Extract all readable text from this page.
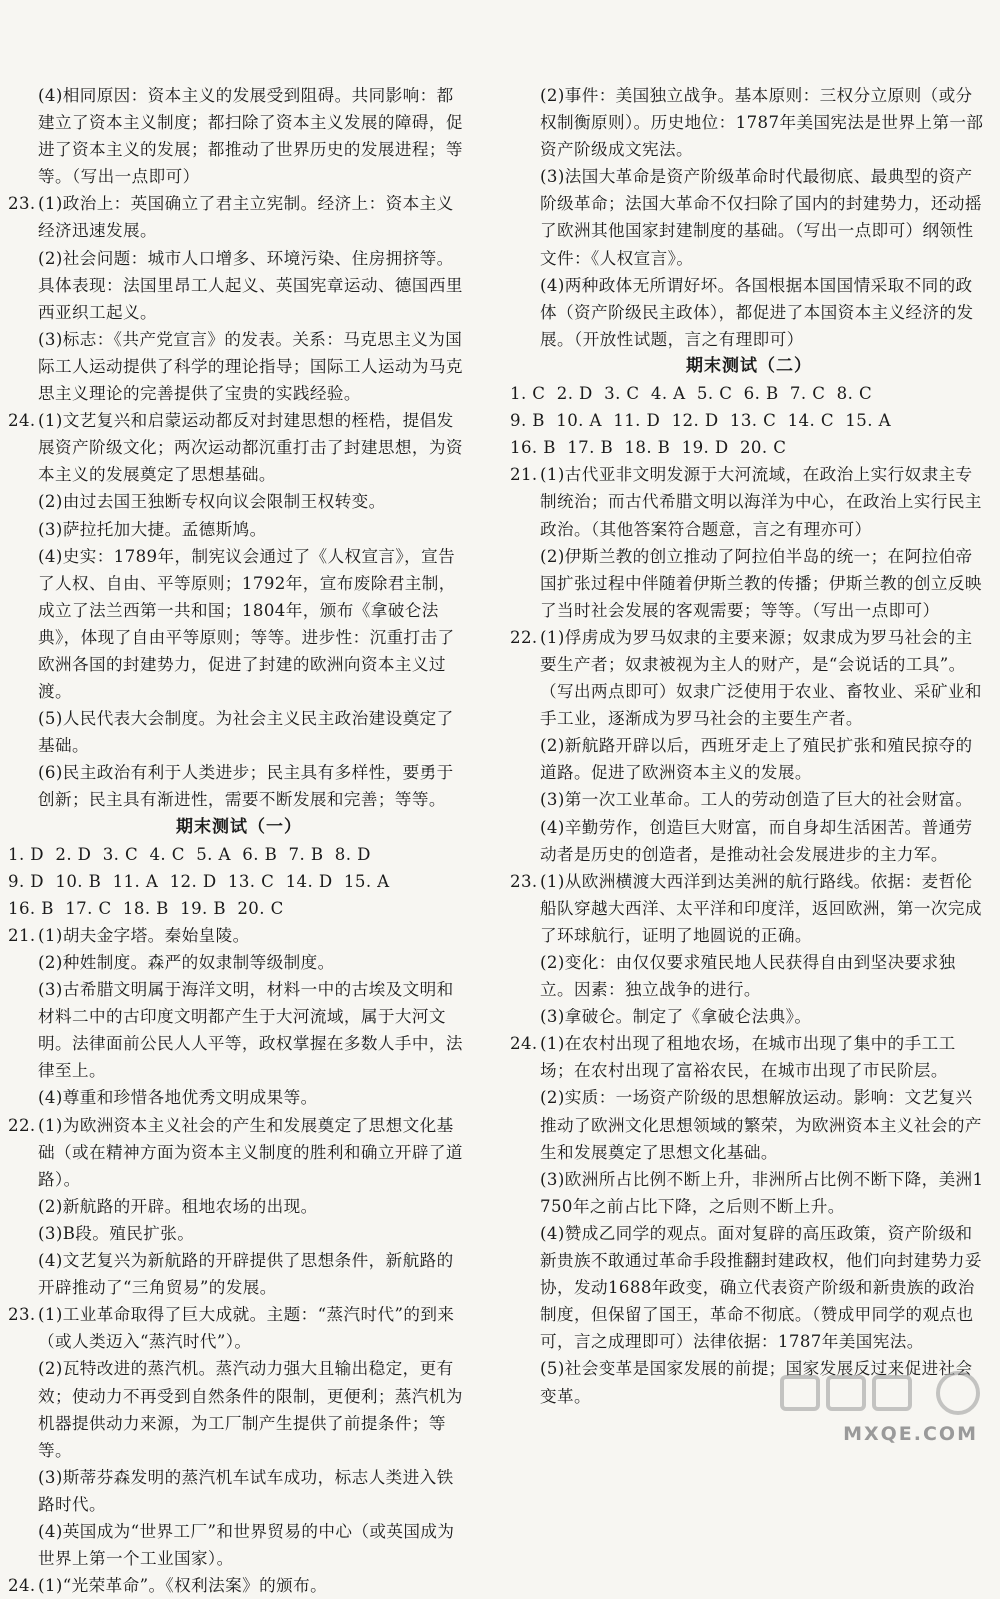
(4)相同原因：资本主义的发展受到阻碍。共同影响：都建立了资本主义制度；都扫除了资本主义发展的障碍，促进了资本主义的发展；都推动了世界历史的发展进程；等等。（写出一点即可）
23. (1)政治上：英国确立了君主立宪制。经济上：资本主义经济迅速发展。
(2)社会问题：城市人口增多、环境污染、住房拥挤等。具体表现：法国里昂工人起义、英国宪章运动、德国西里西亚织工起义。
(3)标志：《共产党宣言》的发表。关系：马克思主义为国际工人运动提供了科学的理论指导；国际工人运动为马克思主义理论的完善提供了宝贵的实践经验。
24. (1)文艺复兴和启蒙运动都反对封建思想的桎梏，提倡发展资产阶级文化；两次运动都沉重打击了封建思想，为资本主义的发展奠定了思想基础。
(2)由过去国王独断专权向议会限制王权转变。
(3)萨拉托加大捷。孟德斯鸠。
(4)史实：1789年，制宪议会通过了《人权宣言》，宣告了人权、自由、平等原则；1792年，宣布废除君主制，成立了法兰西第一共和国；1804年，颁布《拿破仑法典》，体现了自由平等原则；等等。进步性：沉重打击了欧洲各国的封建势力，促进了封建的欧洲向资本主义过渡。
(5)人民代表大会制度。为社会主义民主政治建设奠定了基础。
(6)民主政治有利于人类进步；民主具有多样性，要勇于创新；民主具有渐进性，需要不断发展和完善；等等。
期末测试（一）
1. D  2. D  3. C  4. C  5. A  6. B  7. B  8. D
9. D  10. B  11. A  12. D  13. C  14. D  15. A
16. B  17. C  18. B  19. B  20. C
21. (1)胡夫金字塔。秦始皇陵。
(2)种姓制度。森严的奴隶制等级制度。
(3)古希腊文明属于海洋文明，材料一中的古埃及文明和材料二中的古印度文明都产生于大河流域，属于大河文明。法律面前公民人人平等，政权掌握在多数人手中，法律至上。
(4)尊重和珍惜各地优秀文明成果等。
22. (1)为欧洲资本主义社会的产生和发展奠定了思想文化基础（或在精神方面为资本主义制度的胜利和确立开辟了道路）。
(2)新航路的开辟。租地农场的出现。
(3)B段。殖民扩张。
(4)文艺复兴为新航路的开辟提供了思想条件，新航路的开辟推动了“三角贸易”的发展。
23. (1)工业革命取得了巨大成就。主题：“蒸汽时代”的到来（或人类迈入“蒸汽时代”）。
(2)瓦特改进的蒸汽机。蒸汽动力强大且输出稳定，更有效；使动力不再受到自然条件的限制，更便利；蒸汽机为机器提供动力来源，为工厂制产生提供了前提条件；等等。
(3)斯蒂芬森发明的蒸汽机车试车成功，标志人类进入铁路时代。
(4)英国成为“世界工厂”和世界贸易的中心（或英国成为世界上第一个工业国家）。
24. (1)“光荣革命”。《权利法案》的颁布。
(2)事件：美国独立战争。基本原则：三权分立原则（或分权制衡原则）。历史地位：1787年美国宪法是世界上第一部资产阶级成文宪法。
(3)法国大革命是资产阶级革命时代最彻底、最典型的资产阶级革命；法国大革命不仅扫除了国内的封建势力，还动摇了欧洲其他国家封建制度的基础。（写出一点即可）纲领性文件：《人权宣言》。
(4)两种政体无所谓好坏。各国根据本国国情采取不同的政体（资产阶级民主政体），都促进了本国资本主义经济的发展。（开放性试题，言之有理即可）
期末测试（二）
1. C  2. D  3. C  4. A  5. C  6. B  7. C  8. C
9. B  10. A  11. D  12. D  13. C  14. C  15. A
16. B  17. B  18. B  19. D  20. C
21. (1)古代亚非文明发源于大河流域，在政治上实行奴隶主专制统治；而古代希腊文明以海洋为中心，在政治上实行民主政治。（其他答案符合题意，言之有理亦可）
(2)伊斯兰教的创立推动了阿拉伯半岛的统一；在阿拉伯帝国扩张过程中伴随着伊斯兰教的传播；伊斯兰教的创立反映了当时社会发展的客观需要；等等。（写出一点即可）
22. (1)俘虏成为罗马奴隶的主要来源；奴隶成为罗马社会的主要生产者；奴隶被视为主人的财产，是“会说话的工具”。（写出两点即可）奴隶广泛使用于农业、畜牧业、采矿业和手工业，逐渐成为罗马社会的主要生产者。
(2)新航路开辟以后，西班牙走上了殖民扩张和殖民掠夺的道路。促进了欧洲资本主义的发展。
(3)第一次工业革命。工人的劳动创造了巨大的社会财富。
(4)辛勤劳作，创造巨大财富，而自身却生活困苦。普通劳动者是历史的创造者，是推动社会发展进步的主力军。
23. (1)从欧洲横渡大西洋到达美洲的航行路线。依据：麦哲伦船队穿越大西洋、太平洋和印度洋，返回欧洲，第一次完成了环球航行，证明了地圆说的正确。
(2)变化：由仅仅要求殖民地人民获得自由到坚决要求独立。因素：独立战争的进行。
(3)拿破仑。制定了《拿破仑法典》。
24. (1)在农村出现了租地农场，在城市出现了集中的手工工场；在农村出现了富裕农民，在城市出现了市民阶层。
(2)实质：一场资产阶级的思想解放运动。影响：文艺复兴推动了欧洲文化思想领域的繁荣，为欧洲资本主义社会的产生和发展奠定了思想文化基础。
(3)欧洲所占比例不断上升，非洲所占比例不断下降，美洲1750年之前占比下降，之后则不断上升。
(4)赞成乙同学的观点。面对复辟的高压政策，资产阶级和新贵族不敢通过革命手段推翻封建政权，他们向封建势力妥协，发动1688年政变，确立代表资产阶级和新贵族的政治制度，但保留了国王，革命不彻底。（赞成甲同学的观点也可，言之成理即可）法律依据：1787年美国宪法。
(5)社会变革是国家发展的前提；国家发展反过来促进社会变革。
MXQE.COM
